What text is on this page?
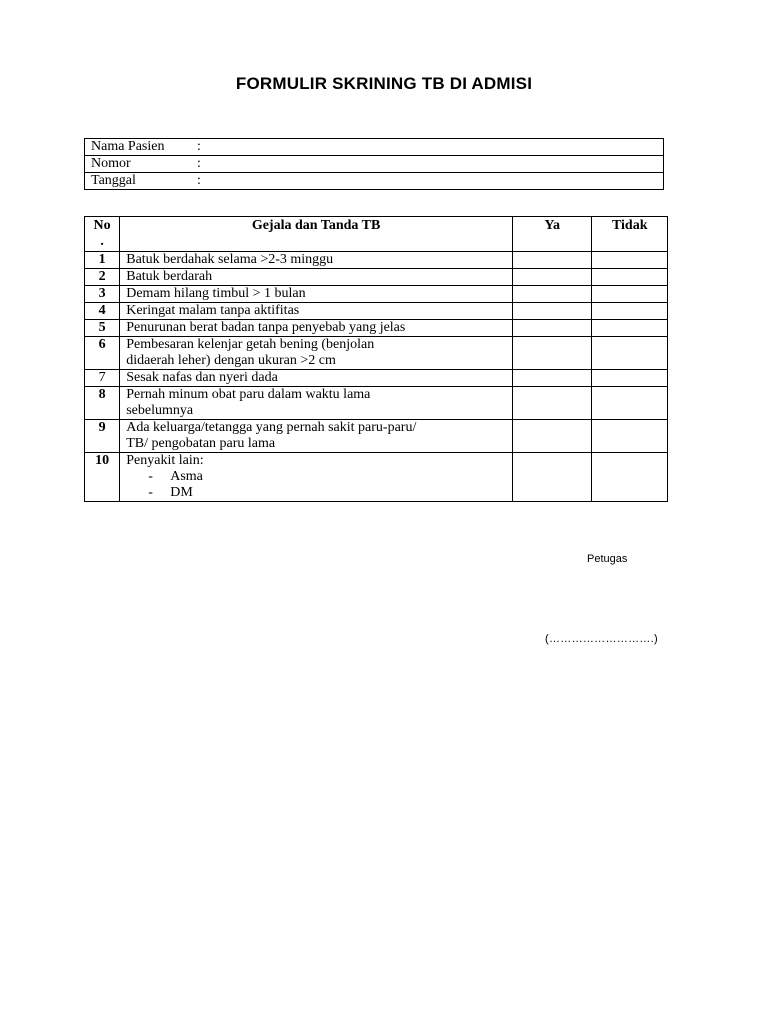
FORMULIR SKRINING TB DI ADMISI
Nama Pasien :
Nomor	:
Tanggal	:
No
.	Gejala dan Tanda TB	Ya	Tidak
1	Batuk berdahak selama >2-3 minggu		
2	Batuk berdarah		
3	Demam hilang timbul > 1 bulan		
4	Keringat malam tanpa aktifitas		
5	Penurunan berat badan tanpa penyebab yang jelas		
6	Pembesaran kelenjar getah bening (benjolan
didaerah leher) dengan ukuran >2 cm		
7	Sesak nafas dan nyeri dada		
8	Pernah minum obat paru dalam waktu lama
sebelumnya		
9	Ada keluarga/tetangga yang pernah sakit paru-paru/
TB/ pengobatan paru lama		
10	Penyakit lain:
- Asma
- DM		

Petugas
(……………………….)
